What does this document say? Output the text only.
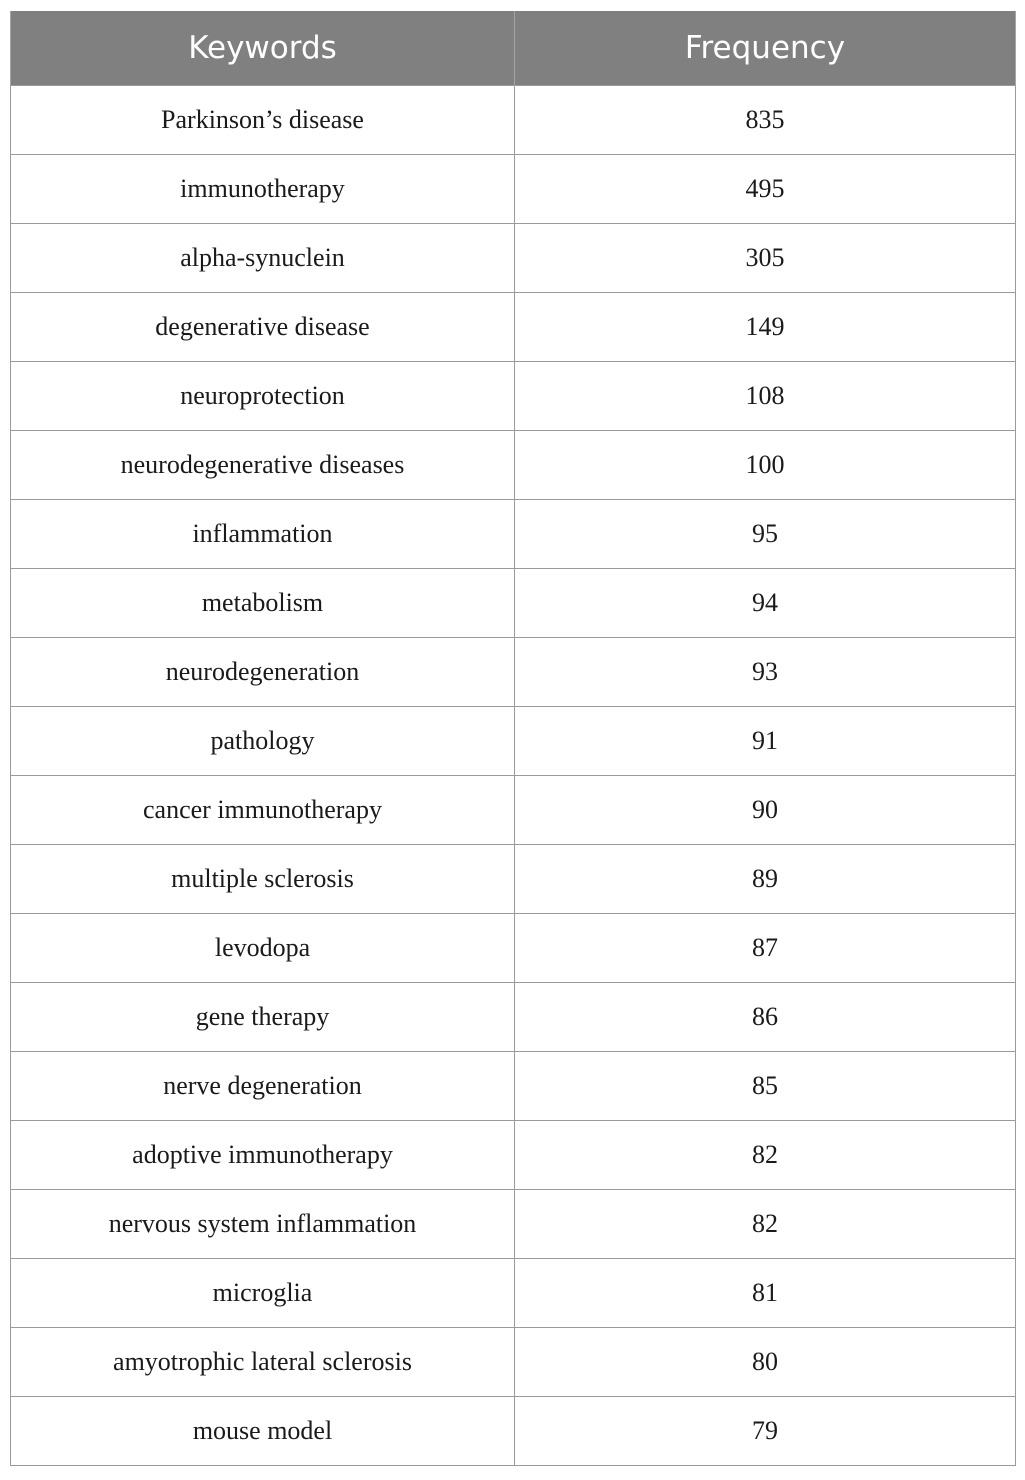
Keywords	Frequency
Parkinson’s disease	835
immunotherapy	495
alpha-synuclein	305
degenerative disease	149
neuroprotection	108
neurodegenerative diseases	100
inflammation	95
metabolism	94
neurodegeneration	93
pathology	91
cancer immunotherapy	90
multiple sclerosis	89
levodopa	87
gene therapy	86
nerve degeneration	85
adoptive immunotherapy	82
nervous system inflammation	82
microglia	81
amyotrophic lateral sclerosis	80
mouse model	79
